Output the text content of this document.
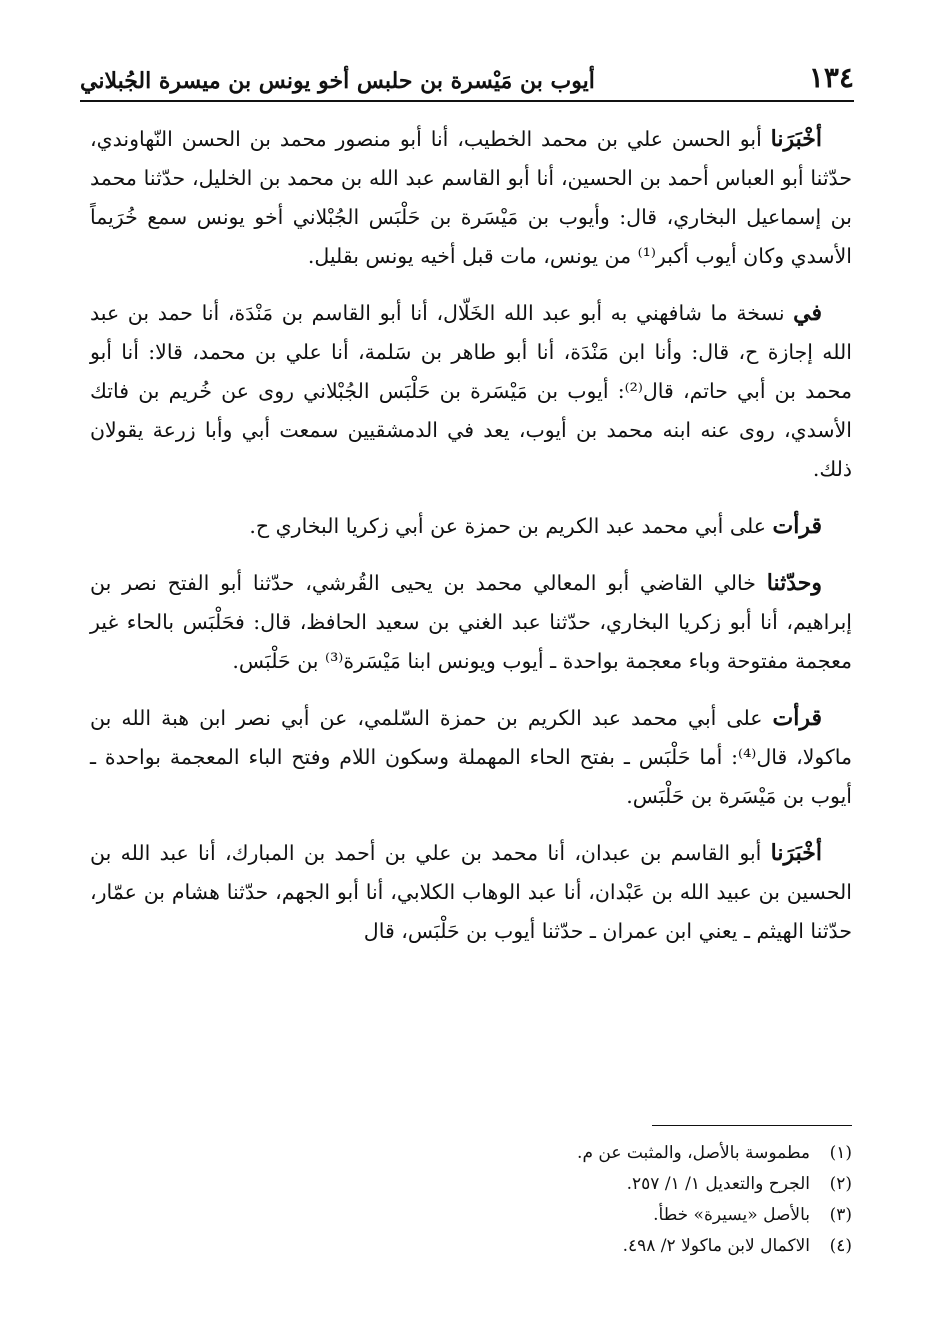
١٣٤
أيوب بن مَيْسرة بن حلبس أخو يونس بن ميسرة الجُبلاني

أخْبَرَنا أبو الحسن علي بن محمد الخطيب، أنا أبو منصور محمد بن الحسن النّهاوندي، حدّثنا أبو العباس أحمد بن الحسين، أنا أبو القاسم عبد الله بن محمد بن الخليل، حدّثنا محمد بن إسماعيل البخاري، قال: وأيوب بن مَيْسَرة بن حَلْبَس الجُبْلاني أخو يونس سمع خُرَيماً الأسدي وكان أيوب أكبر⁽¹⁾ من يونس، مات قبل أخيه يونس بقليل.

في نسخة ما شافهني به أبو عبد الله الخَلّال، أنا أبو القاسم بن مَنْدَة، أنا حمد بن عبد الله إجازة ح، قال: وأنا ابن مَنْدَة، أنا أبو طاهر بن سَلمة، أنا علي بن محمد، قالا: أنا أبو محمد بن أبي حاتم، قال⁽²⁾: أيوب بن مَيْسَرة بن حَلْبَس الجُبْلاني روى عن خُريم بن فاتك الأسدي، روى عنه ابنه محمد بن أيوب، يعد في الدمشقيين سمعت أبي وأبا زرعة يقولان ذلك.

قرأت على أبي محمد عبد الكريم بن حمزة عن أبي زكريا البخاري ح.

وحدّثنا خالي القاضي أبو المعالي محمد بن يحيى القُرشي، حدّثنا أبو الفتح نصر بن إبراهيم، أنا أبو زكريا البخاري، حدّثنا عبد الغني بن سعيد الحافظ، قال: فحَلْبَس بالحاء غير معجمة مفتوحة وباء معجمة بواحدة ـ أيوب ويونس ابنا مَيْسَرة⁽³⁾ بن حَلْبَس.

قرأت على أبي محمد عبد الكريم بن حمزة السّلمي، عن أبي نصر ابن هبة الله بن ماكولا، قال⁽⁴⁾: أما حَلْبَس ـ بفتح الحاء المهملة وسكون اللام وفتح الباء المعجمة بواحدة ـ أيوب بن مَيْسَرة بن حَلْبَس.

أخْبَرَنا أبو القاسم بن عبدان، أنا محمد بن علي بن أحمد بن المبارك، أنا عبد الله بن الحسين بن عبيد الله بن عَبْدان، أنا عبد الوهاب الكلابي، أنا أبو الجهم، حدّثنا هشام بن عمّار، حدّثنا الهيثم ـ يعني ابن عمران ـ حدّثنا أيوب بن حَلْبَس، قال

(١)
مطموسة بالأصل، والمثبت عن م.
(٢)
الجرح والتعديل ١/ ١/ ٢٥٧.
(٣)
بالأصل «يسيرة» خطأ.
(٤)
الاكمال لابن ماكولا ٢/ ٤٩٨.
